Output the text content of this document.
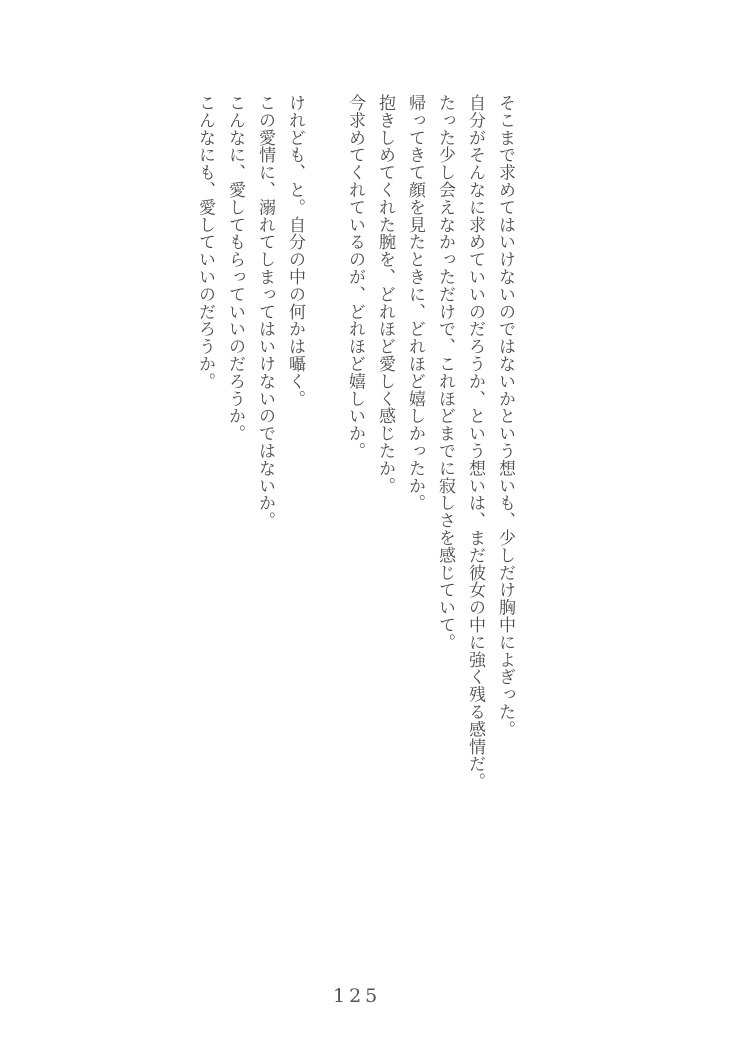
そこまで求めてはいけないのではないかという想いも、少しだけ胸中によぎった。
自分がそんなに求めていいのだろうか、という想いは、まだ彼女の中に強く残る感情だ。
たった少し会えなかっただけで、これほどまでに寂しさを感じていて。
帰ってきて顔を見たときに、どれほど嬉しかったか。
抱きしめてくれた腕を、どれほど愛しく感じたか。
今求めてくれているのが、どれほど嬉しいか。
けれども、と。自分の中の何かは囁く。
この愛情に、溺れてしまってはいけないのではないか。
こんなに、愛してもらっていいのだろうか。
こんなにも、愛していいのだろうか。
125
